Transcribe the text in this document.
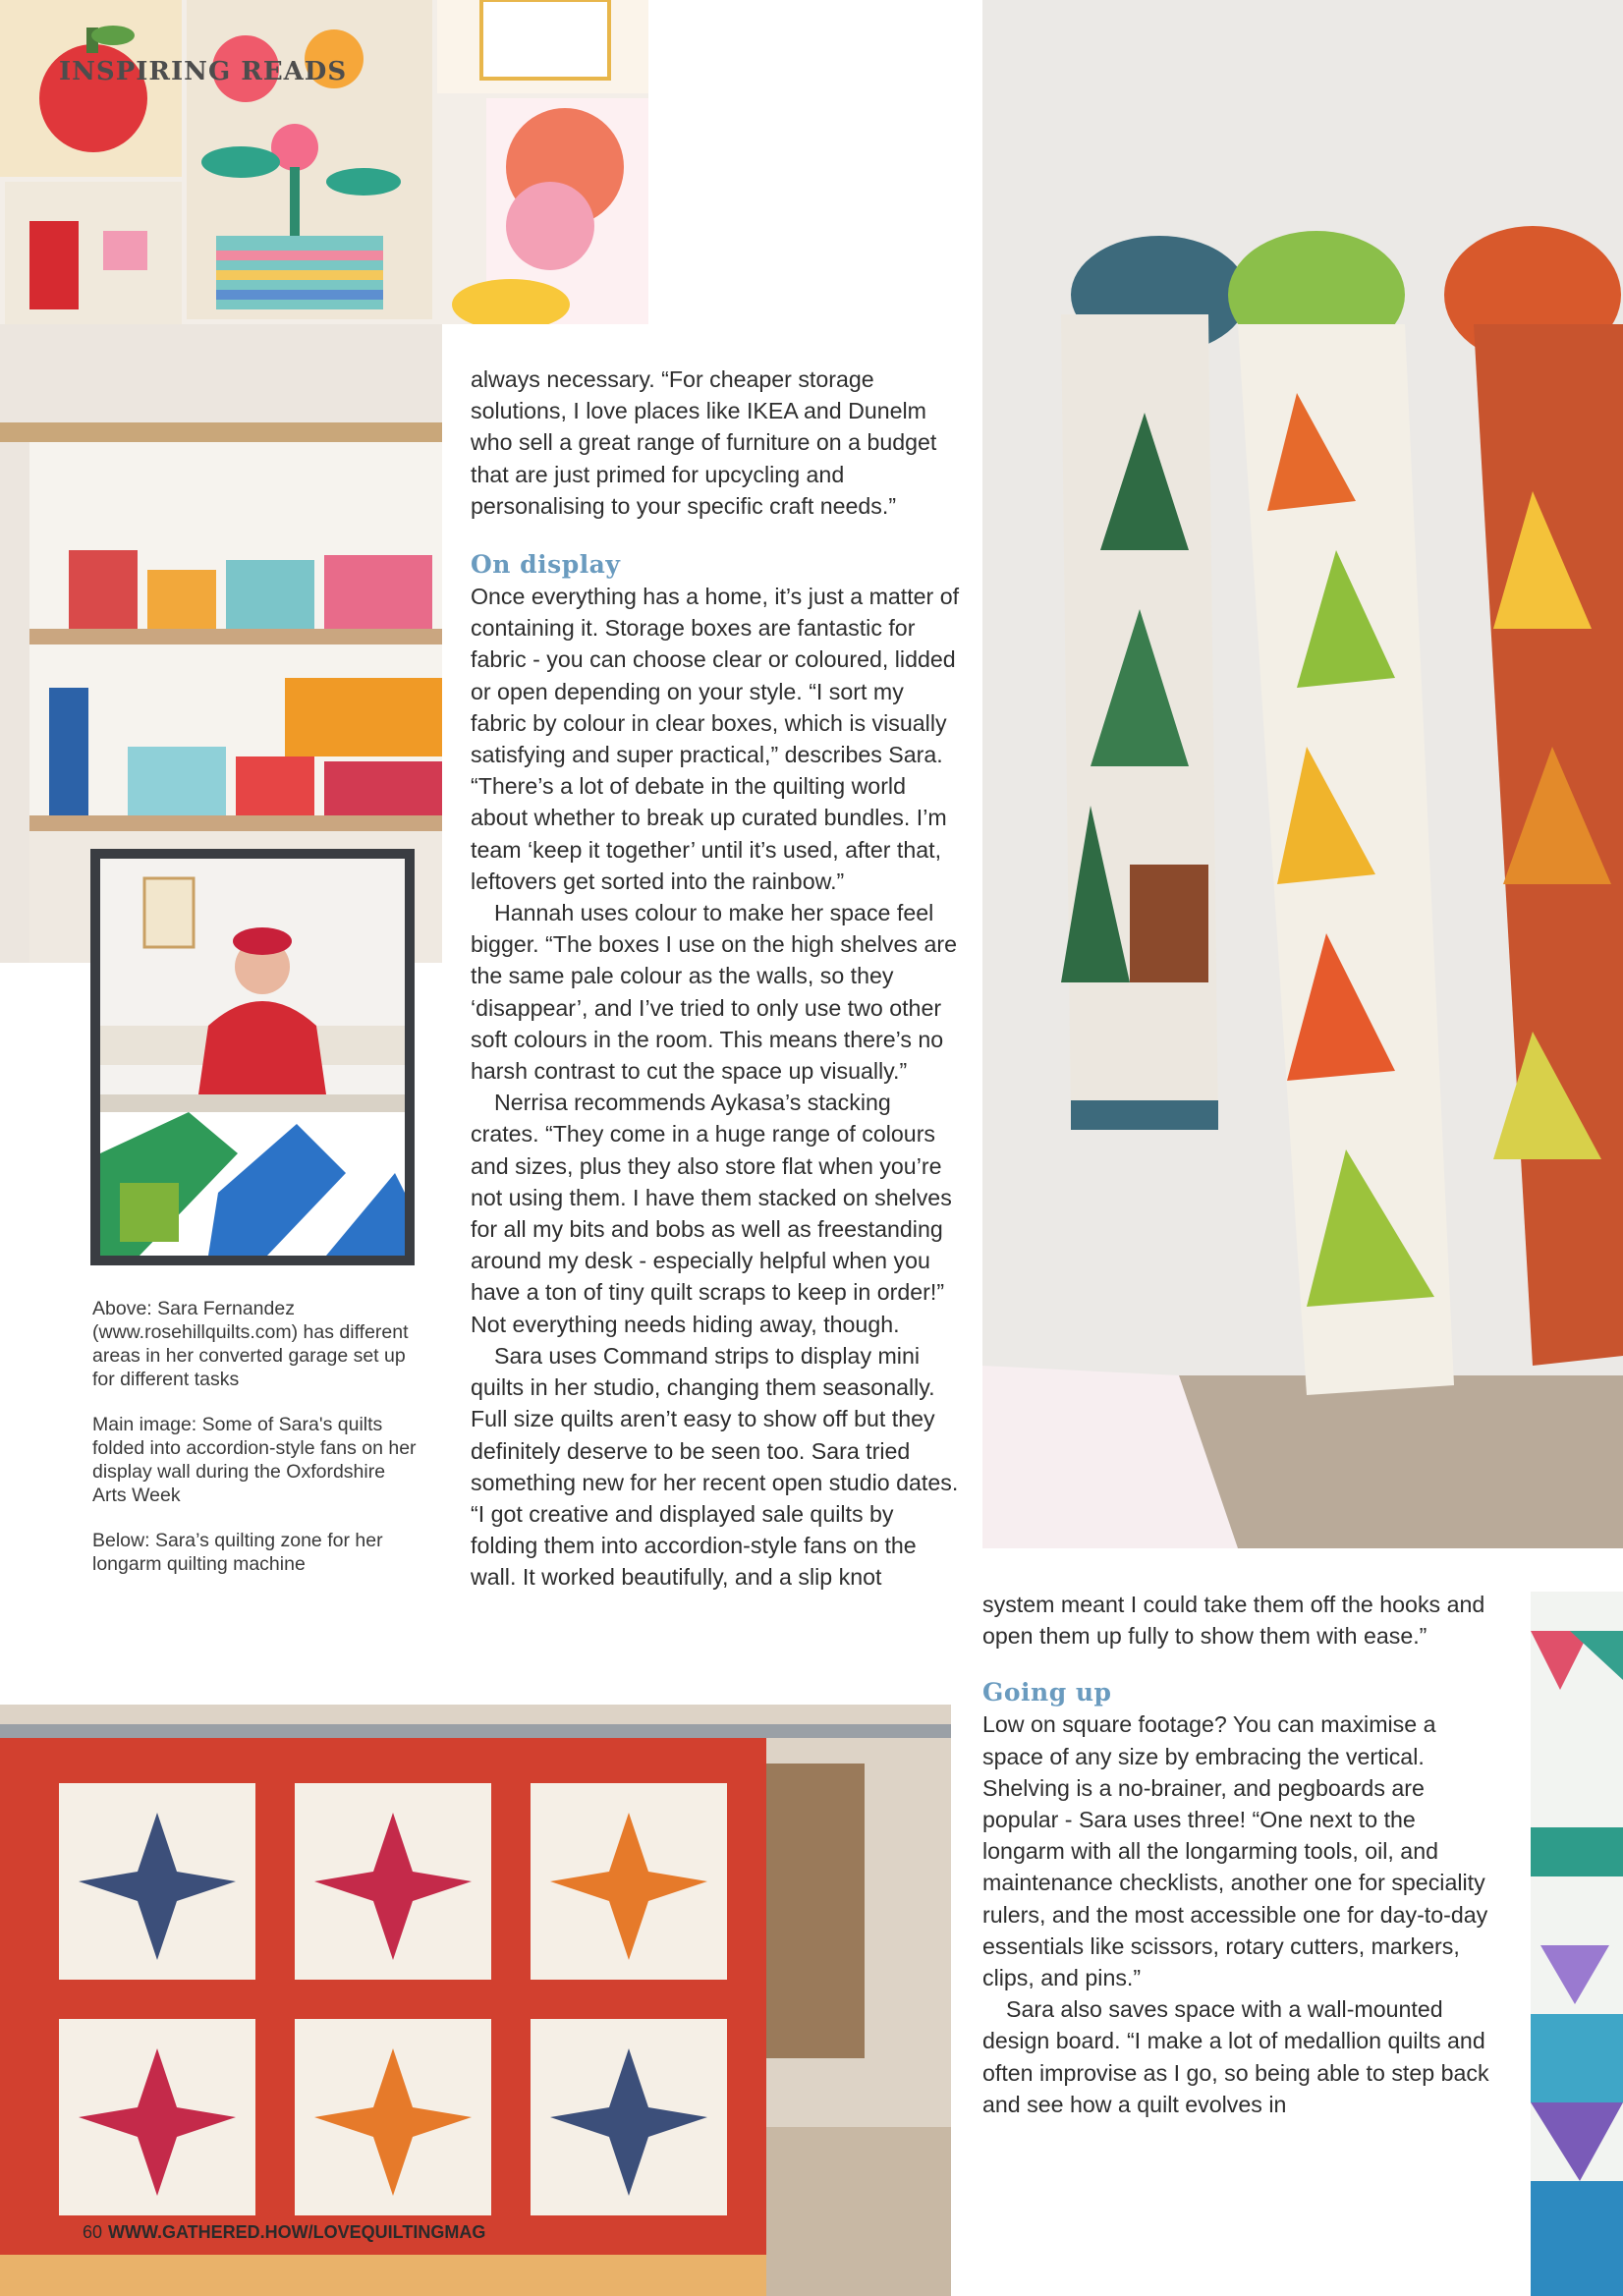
INSPIRING READS

always necessary. “For cheaper storage solutions, I love places like IKEA and Dunelm who sell a great range of furniture on a budget that are just primed for upcycling and personalising to your specific craft needs.”

On display

Once everything has a home, it’s just a matter of containing it. Storage boxes are fantastic for fabric - you can choose clear or coloured, lidded or open depending on your style. “I sort my fabric by colour in clear boxes, which is visually satisfying and super practical,” describes Sara. “There’s a lot of debate in the quilting world about whether to break up curated bundles. I’m team ‘keep it together’ until it’s used, after that, leftovers get sorted into the rainbow.”

Hannah uses colour to make her space feel bigger. “The boxes I use on the high shelves are the same pale colour as the walls, so they ‘disappear’, and I’ve tried to only use two other soft colours in the room. This means there’s no harsh contrast to cut the space up visually.”

Nerrisa recommends Aykasa’s stacking crates. “They come in a huge range of colours and sizes, plus they also store flat when you’re not using them. I have them stacked on shelves for all my bits and bobs as well as freestanding around my desk - especially helpful when you have a ton of tiny quilt scraps to keep in order!” Not everything needs hiding away, though.

Sara uses Command strips to display mini quilts in her studio, changing them seasonally. Full size quilts aren’t easy to show off but they definitely deserve to be seen too. Sara tried something new for her recent open studio dates. “I got creative and displayed sale quilts by folding them into accordion-style fans on the wall. It worked beautifully, and a slip knot

system meant I could take them off the hooks and open them up fully to show them with ease.”

Going up

Low on square footage? You can maximise a space of any size by embracing the vertical. Shelving is a no-brainer, and pegboards are popular - Sara uses three! “One next to the longarm with all the longarming tools, oil, and maintenance checklists, another one for speciality rulers, and the most accessible one for day-to-day essentials like scissors, rotary cutters, markers, clips, and pins.”

Sara also saves space with a wall-mounted design board. “I make a lot of medallion quilts and often improvise as I go, so being able to step back and see how a quilt evolves in

Above: Sara Fernandez (www.rosehillquilts.com) has different areas in her converted garage set up for different tasks

Main image: Some of Sara's quilts folded into accordion-style fans on her display wall during the Oxfordshire Arts Week

Below: Sara’s quilting zone for her longarm quilting machine

60 WWW.GATHERED.HOW/LOVEQUILTINGMAG
